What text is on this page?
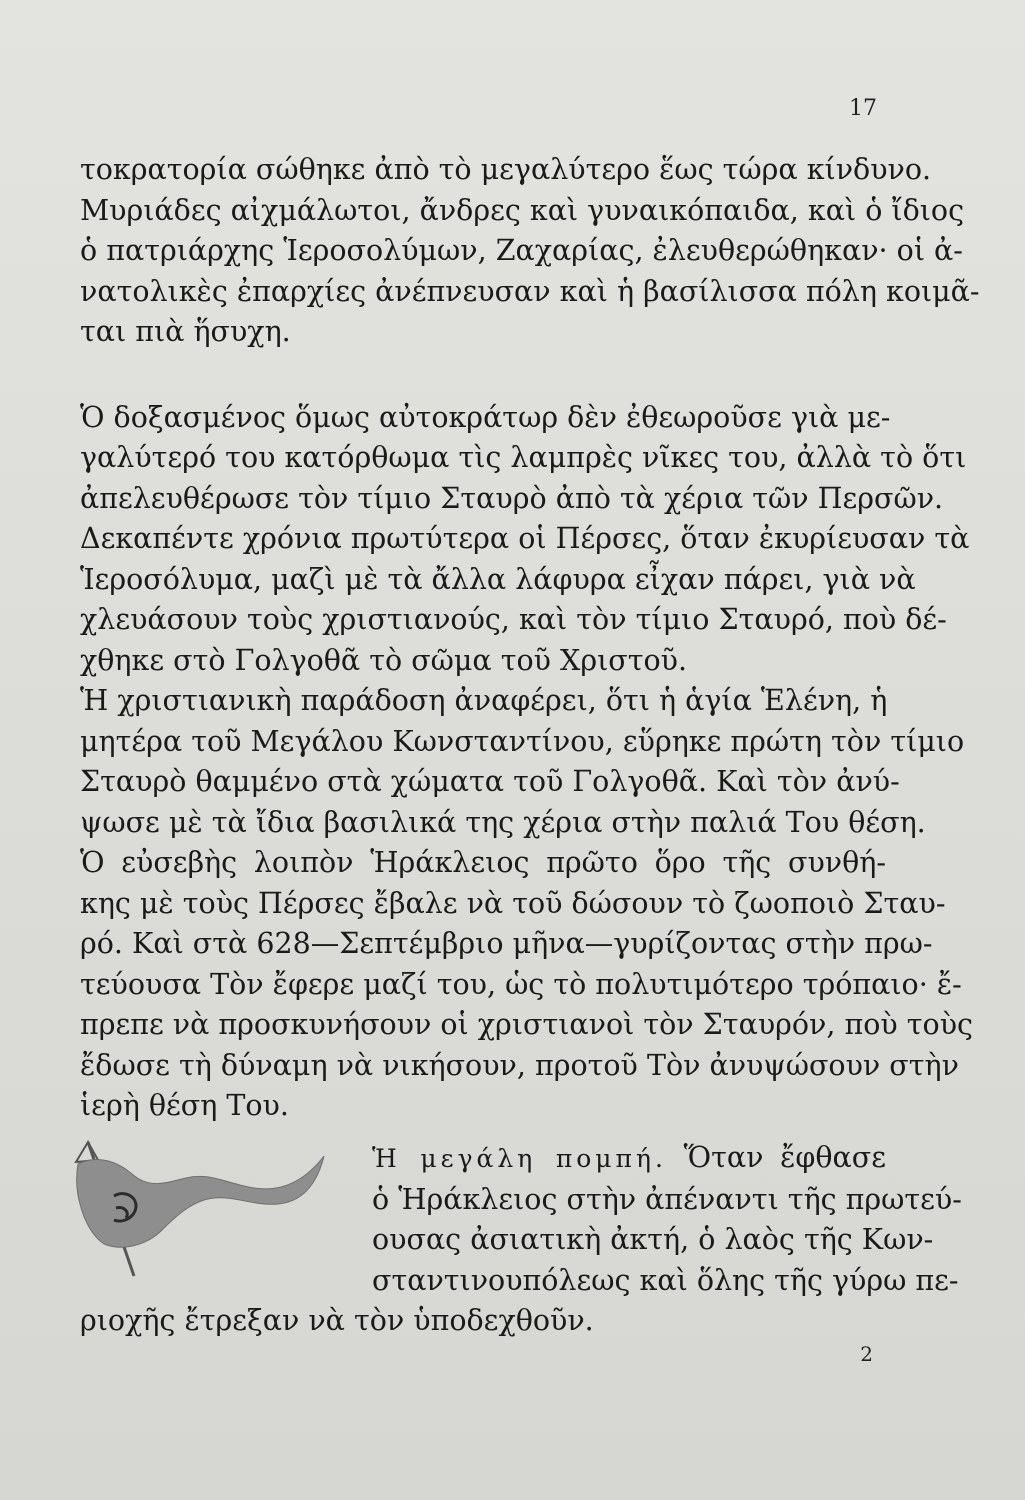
17

τοκρατορία σώθηκε ἀπὸ τὸ μεγαλύτερο ἕως τώρα κίνδυνο.
Μυριάδες αἰχμάλωτοι, ἄνδρες καὶ γυναικόπαιδα, καὶ ὁ ἴδιος
ὁ πατριάρχης Ἱεροσολύμων, Ζαχαρίας, ἐλευθερώθηκαν· οἱ ἀ-
νατολικὲς ἐπαρχίες ἀνέπνευσαν καὶ ἡ βασίλισσα πόλη κοιμᾶ-
ται πιὰ ἥσυχη.

Ὁ δοξασμένος ὅμως αὐτοκράτωρ δὲν ἐθεωροῦσε γιὰ με-
γαλύτερό του κατόρθωμα τὶς λαμπρὲς νῖκες του, ἀλλὰ τὸ ὅτι
ἀπελευθέρωσε τὸν τίμιο Σταυρὸ ἀπὸ τὰ χέρια τῶν Περσῶν.
Δεκαπέντε χρόνια πρωτύτερα οἱ Πέρσες, ὅταν ἐκυρίευσαν τὰ
Ἱεροσόλυμα, μαζὶ μὲ τὰ ἄλλα λάφυρα εἶχαν πάρει, γιὰ νὰ
χλευάσουν τοὺς χριστιανούς, καὶ τὸν τίμιο Σταυρό, ποὺ δέ-
χθηκε στὸ Γολγοθᾶ τὸ σῶμα τοῦ Χριστοῦ.

Ἡ χριστιανικὴ παράδοση ἀναφέρει, ὅτι ἡ ἁγία Ἑλένη, ἡ
μητέρα τοῦ Μεγάλου Κωνσταντίνου, εὕρηκε πρώτη τὸν τίμιο
Σταυρὸ θαμμένο στὰ χώματα τοῦ Γολγοθᾶ. Καὶ τὸν ἀνύ-
ψωσε μὲ τὰ ἴδια βασιλικά της χέρια στὴν παλιά Του θέση.

Ὁ εὐσεβὴς λοιπὸν Ἡράκλειος πρῶτο ὅρο τῆς συνθή-
κης μὲ τοὺς Πέρσες ἔβαλε νὰ τοῦ δώσουν τὸ ζωοποιὸ Σταυ-
ρό. Καὶ στὰ 628—Σεπτέμβριο μῆνα—γυρίζοντας στὴν πρω-
τεύουσα Τὸν ἔφερε μαζί του, ὡς τὸ πολυτιμότερο τρόπαιο· ἔ-
πρεπε νὰ προσκυνήσουν οἱ χριστιανοὶ τὸν Σταυρόν, ποὺ τοὺς
ἔδωσε τὴ δύναμη νὰ νικήσουν, προτοῦ Τὸν ἀνυψώσουν στὴν
ἱερὴ θέση Του.

Ἡ μεγάλη πομπή. Ὅταν ἔφθασε
ὁ Ἡράκλειος στὴν ἀπέναντι τῆς πρωτεύ-
ουσας ἀσιατικὴ ἀκτή, ὁ λαὸς τῆς Κων-
σταντινουπόλεως καὶ ὅλης τῆς γύρω πε-
ριοχῆς ἔτρεξαν νὰ τὸν ὑποδεχθοῦν.
2
